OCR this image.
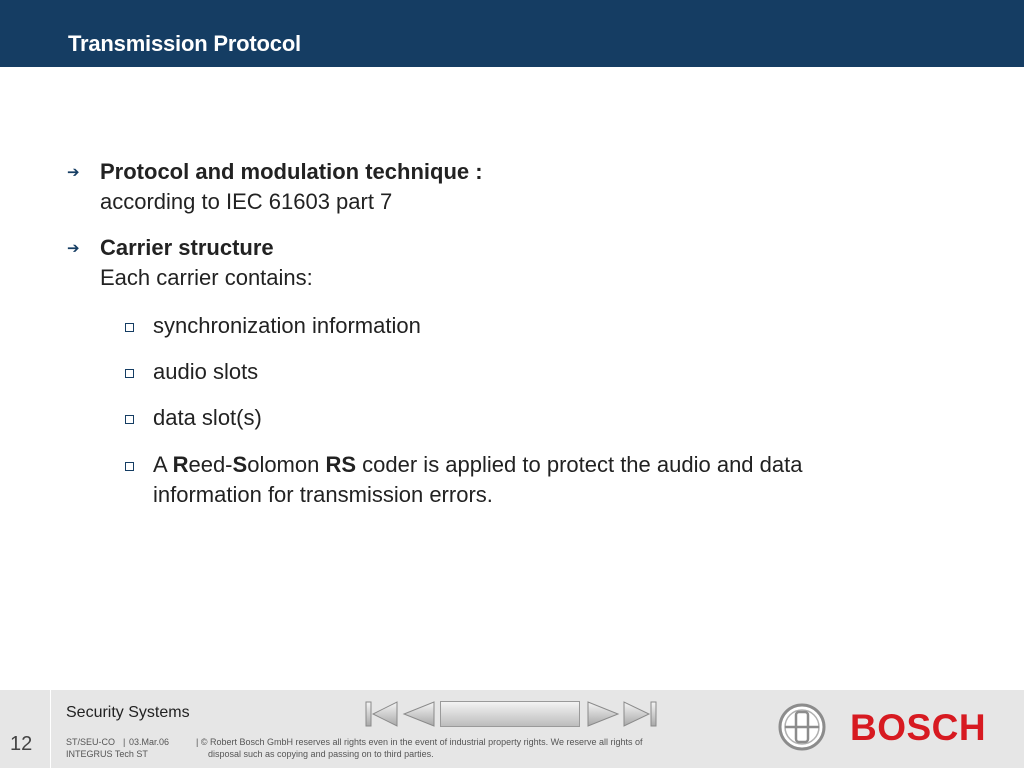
Transmission Protocol
➔ Protocol and modulation technique :
according to IEC 61603 part 7
➔ Carrier structure
Each carrier contains:
synchronization information
audio slots
data slot(s)
A Reed-Solomon RS coder is applied to protect the audio and data
information for transmission errors.
12
Security Systems
ST/SEU-CO | 03.Mar.06
INTEGRUS Tech ST
| © Robert Bosch GmbH reserves all rights even in the event of industrial property rights. We reserve all rights of
disposal such as copying and passing on to third parties.
BOSCH
